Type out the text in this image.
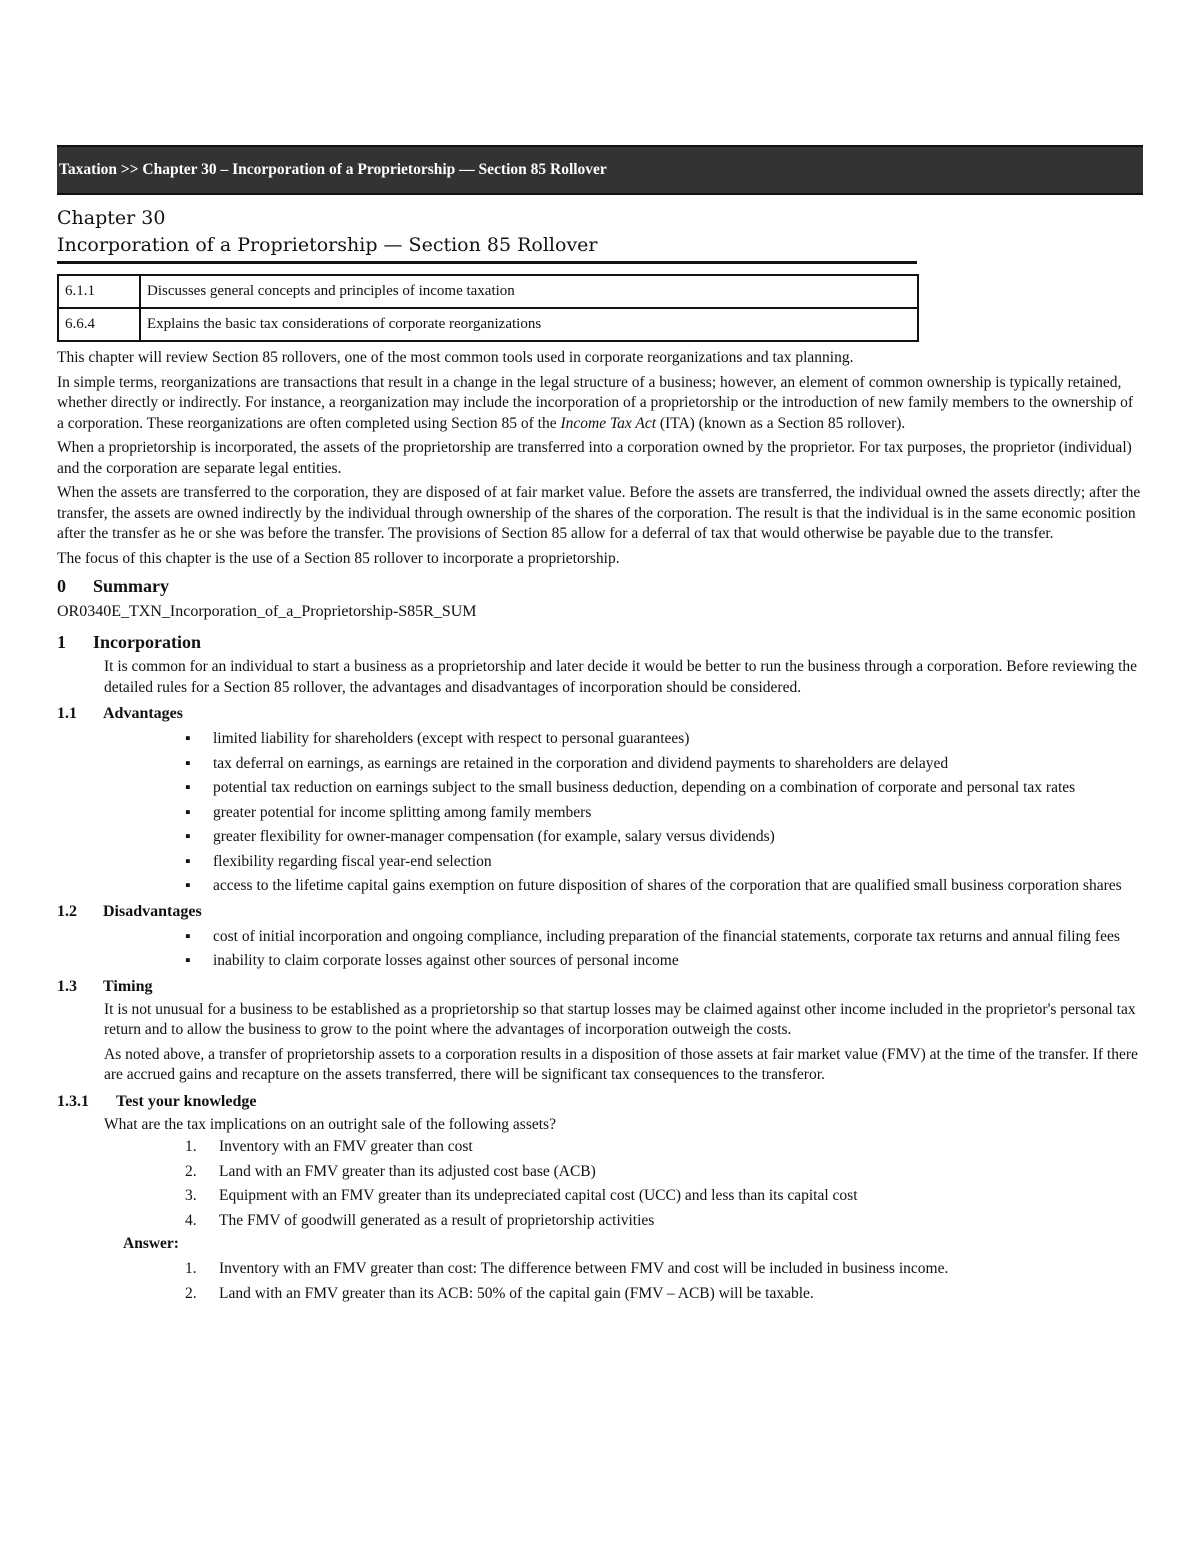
Taxation >> Chapter 30 – Incorporation of a Proprietorship — Section 85 Rollover
Chapter 30
Incorporation of a Proprietorship — Section 85 Rollover
6.1.1	Discusses general concepts and principles of income taxation
6.6.4	Explains the basic tax considerations of corporate reorganizations

This chapter will review Section 85 rollovers, one of the most common tools used in corporate reorganizations and tax planning.

In simple terms, reorganizations are transactions that result in a change in the legal structure of a business; however, an element of common ownership is typically retained, whether directly or indirectly. For instance, a reorganization may include the incorporation of a proprietorship or the introduction of new family members to the ownership of a corporation. These reorganizations are often completed using Section 85 of the Income Tax Act (ITA) (known as a Section 85 rollover).

When a proprietorship is incorporated, the assets of the proprietorship are transferred into a corporation owned by the proprietor. For tax purposes, the proprietor (individual) and the corporation are separate legal entities.

When the assets are transferred to the corporation, they are disposed of at fair market value. Before the assets are transferred, the individual owned the assets directly; after the transfer, the assets are owned indirectly by the individual through ownership of the shares of the corporation. The result is that the individual is in the same economic position after the transfer as he or she was before the transfer. The provisions of Section 85 allow for a deferral of tax that would otherwise be payable due to the transfer.

The focus of this chapter is the use of a Section 85 rollover to incorporate a proprietorship.

0	Summary
OR0340E_TXN_Incorporation_of_a_Proprietorship-S85R_SUM
1	Incorporation

It is common for an individual to start a business as a proprietorship and later decide it would be better to run the business through a corporation. Before reviewing the detailed rules for a Section 85 rollover, the advantages and disadvantages of incorporation should be considered.

1.1	Advantages
▪ limited liability for shareholders (except with respect to personal guarantees)
▪ tax deferral on earnings, as earnings are retained in the corporation and dividend payments to shareholders are delayed
▪ potential tax reduction on earnings subject to the small business deduction, depending on a combination of corporate and personal tax rates
▪ greater potential for income splitting among family members
▪ greater flexibility for owner-manager compensation (for example, salary versus dividends)
▪ flexibility regarding fiscal year-end selection
▪ access to the lifetime capital gains exemption on future disposition of shares of the corporation that are qualified small business corporation shares
1.2	Disadvantages
▪ cost of initial incorporation and ongoing compliance, including preparation of the financial statements, corporate tax returns and annual filing fees
▪ inability to claim corporate losses against other sources of personal income
1.3	Timing

It is not unusual for a business to be established as a proprietorship so that startup losses may be claimed against other income included in the proprietor's personal tax return and to allow the business to grow to the point where the advantages of incorporation outweigh the costs.

As noted above, a transfer of proprietorship assets to a corporation results in a disposition of those assets at fair market value (FMV) at the time of the transfer. If there are accrued gains and recapture on the assets transferred, there will be significant tax consequences to the transferor.

1.3.1	Test your knowledge

What are the tax implications on an outright sale of the following assets?

1.	Inventory with an FMV greater than cost
2.	Land with an FMV greater than its adjusted cost base (ACB)
3.	Equipment with an FMV greater than its undepreciated capital cost (UCC) and less than its capital cost
4.	The FMV of goodwill generated as a result of proprietorship activities
Answer:
1.	Inventory with an FMV greater than cost: The difference between FMV and cost will be included in business income.
2.	Land with an FMV greater than its ACB: 50% of the capital gain (FMV – ACB) will be taxable.
